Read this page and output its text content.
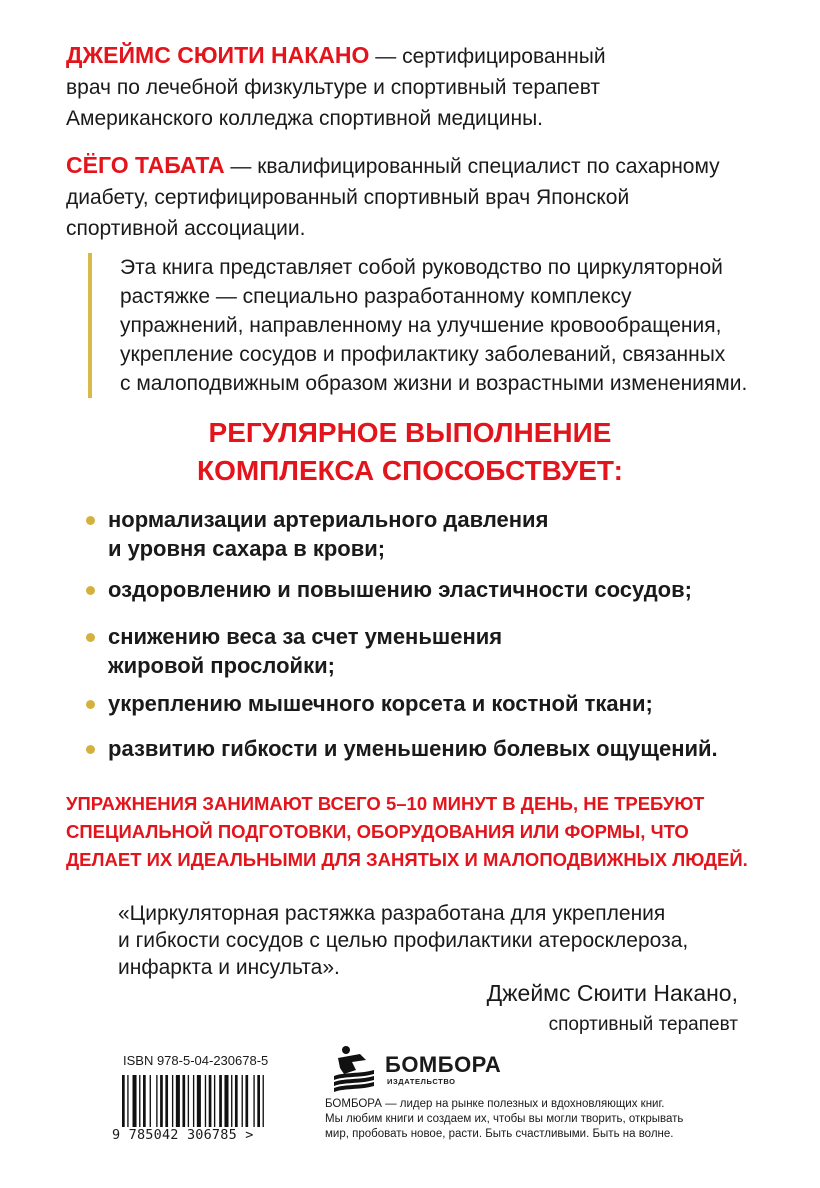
ДЖЕЙМС СЮИТИ НАКАНО — сертифицированный
врач по лечебной физкультуре и спортивный терапевт
Американского колледжа спортивной медицины.
СЁГО ТАБАТА — квалифицированный специалист по сахарному
диабету, сертифицированный спортивный врач Японской
спортивной ассоциации.
Эта книга представляет собой руководство по циркуляторной
растяжке — специально разработанному комплексу
упражнений, направленному на улучшение кровообращения,
укрепление сосудов и профилактику заболеваний, связанных
с малоподвижным образом жизни и возрастными изменениями.
РЕГУЛЯРНОЕ ВЫПОЛНЕНИЕ
КОМПЛЕКСА СПОСОБСТВУЕТ:
нормализации артериального давления
и уровня сахара в крови;
оздоровлению и повышению эластичности сосудов;
снижению веса за счет уменьшения
жировой прослойки;
укреплению мышечного корсета и костной ткани;
развитию гибкости и уменьшению болевых ощущений.
УПРАЖНЕНИЯ ЗАНИМАЮТ ВСЕГО 5–10 МИНУТ В ДЕНЬ, НЕ ТРЕБУЮТ
СПЕЦИАЛЬНОЙ ПОДГОТОВКИ, ОБОРУДОВАНИЯ ИЛИ ФОРМЫ, ЧТО
ДЕЛАЕТ ИХ ИДЕАЛЬНЫМИ ДЛЯ ЗАНЯТЫХ И МАЛОПОДВИЖНЫХ ЛЮДЕЙ.
«Циркуляторная растяжка разработана для укрепления
и гибкости сосудов с целью профилактики атеросклероза,
инфаркта и инсульта».
Джеймс Сюити Накано,
спортивный терапевт
ISBN 978-5-04-230678-5
9 785042 306785 >
БОМБОРА
ИЗДАТЕЛЬСТВО
БОМБОРА — лидер на рынке полезных и вдохновляющих книг.
Мы любим книги и создаем их, чтобы вы могли творить, открывать
мир, пробовать новое, расти. Быть счастливыми. Быть на волне.
